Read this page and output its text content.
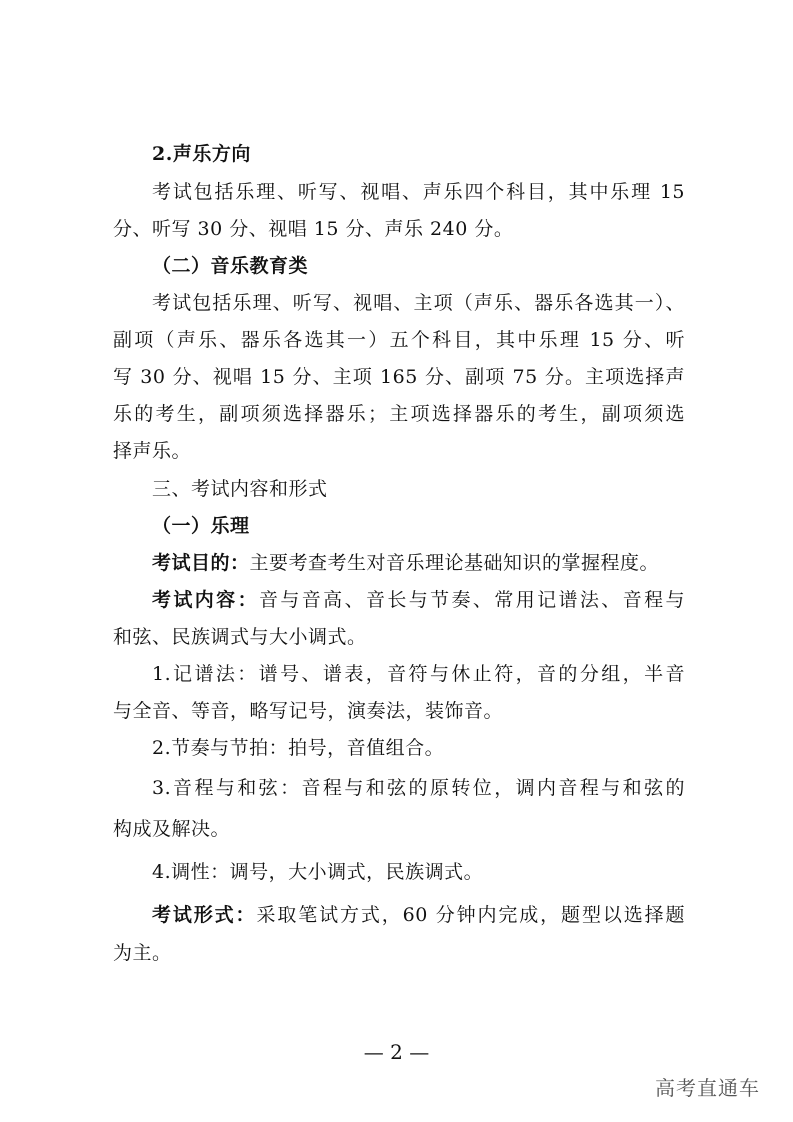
2.声乐方向
考试包括乐理、听写、视唱、声乐四个科目，其中乐理 15
分、听写 30 分、视唱 15 分、声乐 240 分。
（二）音乐教育类
考试包括乐理、听写、视唱、主项（声乐、器乐各选其一）、
副项（声乐、器乐各选其一）五个科目，其中乐理 15 分、听
写 30 分、视唱 15 分、主项 165 分、副项 75 分。主项选择声
乐的考生，副项须选择器乐；主项选择器乐的考生，副项须选
择声乐。
三、考试内容和形式
（一）乐理
考试目的：主要考查考生对音乐理论基础知识的掌握程度。
考试内容：音与音高、音长与节奏、常用记谱法、音程与
和弦、民族调式与大小调式。
1.记谱法：谱号、谱表，音符与休止符，音的分组，半音
与全音、等音，略写记号，演奏法，装饰音。
2.节奏与节拍：拍号，音值组合。
3.音程与和弦：音程与和弦的原转位，调内音程与和弦的
构成及解决。
4.调性：调号，大小调式，民族调式。
考试形式：采取笔试方式，60 分钟内完成，题型以选择题
为主。
— 2 —
高考直通车
